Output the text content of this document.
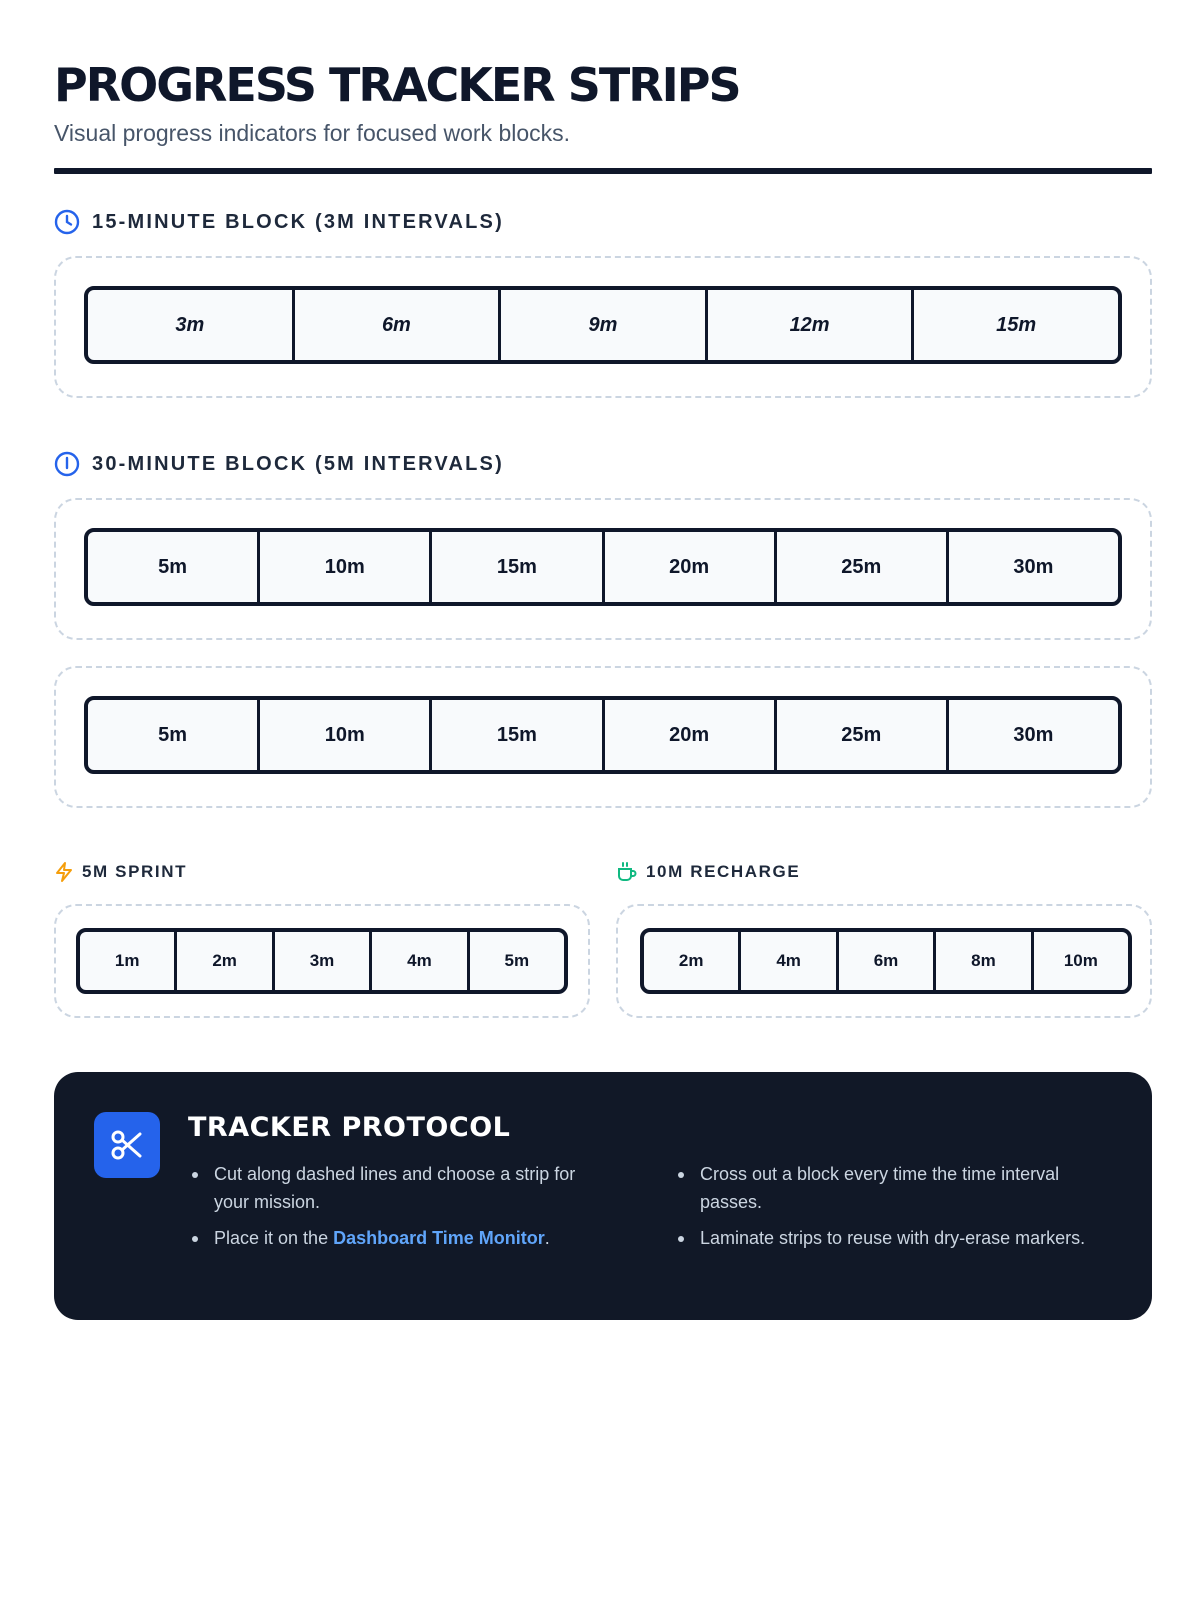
PROGRESS TRACKER STRIPS

Visual progress indicators for focused work blocks.

15-MINUTE BLOCK (3M INTERVALS)
3m	6m	9m	12m	15m
30-MINUTE BLOCK (5M INTERVALS)
5m	10m	15m	20m	25m	30m
5m	10m	15m	20m	25m	30m
5M SPRINT
1m	2m	3m	4m	5m
10M RECHARGE
2m	4m	6m	8m	10m
TRACKER PROTOCOL
Cut along dashed lines and choose a strip for your mission.
Place it on the Dashboard Time Monitor.
Cross out a block every time the time interval passes.
Laminate strips to reuse with dry-erase markers.
